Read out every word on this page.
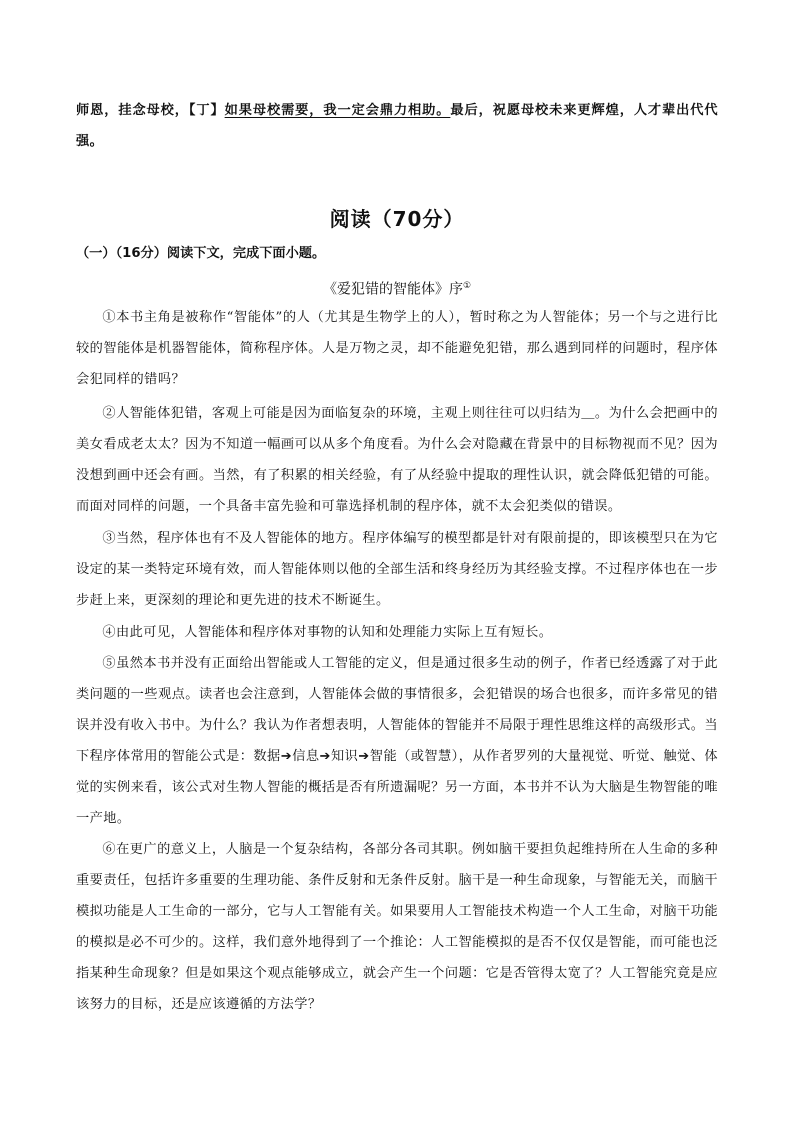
师恩，挂念母校，【丁】如果母校需要，我一定会鼎力相助。最后，祝愿母校未来更辉煌，人才辈出代代强。

阅读（70分）

（一）（16分）阅读下文，完成下面小题。

《爱犯错的智能体》序①

①本书主角是被称作“智能体”的人（尤其是生物学上的人），暂时称之为人智能体；另一个与之进行比较的智能体是机器智能体，简称程序体。人是万物之灵，却不能避免犯错，那么遇到同样的问题时，程序体会犯同样的错吗？

②人智能体犯错，客观上可能是因为面临复杂的环境，主观上则往往可以归结为＿。为什么会把画中的美女看成老太太？因为不知道一幅画可以从多个角度看。为什么会对隐藏在背景中的目标物视而不见？因为没想到画中还会有画。当然，有了积累的相关经验，有了从经验中提取的理性认识，就会降低犯错的可能。而面对同样的问题，一个具备丰富先验和可靠选择机制的程序体，就不太会犯类似的错误。

③当然，程序体也有不及人智能体的地方。程序体编写的模型都是针对有限前提的，即该模型只在为它设定的某一类特定环境有效，而人智能体则以他的全部生活和终身经历为其经验支撑。不过程序体也在一步步赶上来，更深刻的理论和更先进的技术不断诞生。

④由此可见，人智能体和程序体对事物的认知和处理能力实际上互有短长。

⑤虽然本书并没有正面给出智能或人工智能的定义，但是通过很多生动的例子，作者已经透露了对于此类问题的一些观点。读者也会注意到，人智能体会做的事情很多，会犯错误的场合也很多，而许多常见的错误并没有收入书中。为什么？我认为作者想表明，人智能体的智能并不局限于理性思维这样的高级形式。当下程序体常用的智能公式是：数据➔信息➔知识➔智能（或智慧），从作者罗列的大量视觉、听觉、触觉、体觉的实例来看，该公式对生物人智能的概括是否有所遗漏呢？另一方面，本书并不认为大脑是生物智能的唯一产地。

⑥在更广的意义上，人脑是一个复杂结构，各部分各司其职。例如脑干要担负起维持所在人生命的多种重要责任，包括许多重要的生理功能、条件反射和无条件反射。脑干是一种生命现象，与智能无关，而脑干模拟功能是人工生命的一部分，它与人工智能有关。如果要用人工智能技术构造一个人工生命，对脑干功能的模拟是必不可少的。这样，我们意外地得到了一个推论：人工智能模拟的是否不仅仅是智能，而可能也泛指某种生命现象？但是如果这个观点能够成立，就会产生一个问题：它是否管得太宽了？人工智能究竟是应该努力的目标，还是应该遵循的方法学？
